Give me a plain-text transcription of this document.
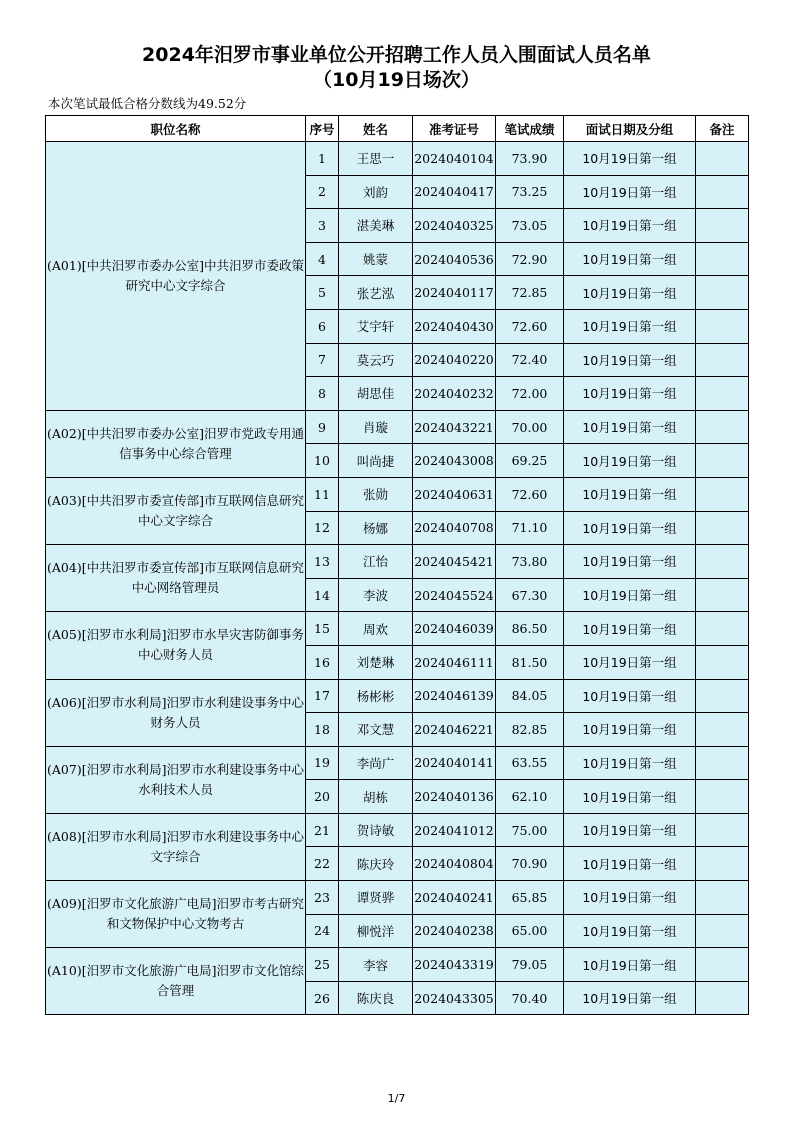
2024年汨罗市事业单位公开招聘工作人员入围面试人员名单
（10月19日场次）
本次笔试最低合格分数线为49.52分
职位名称	序号	姓名	准考证号	笔试成绩	面试日期及分组	备注
(A01)[中共汨罗市委办公室]中共汨罗市委政策研究中心文字综合	1	王思一	2024040104	73.90	10月19日第一组	
	2	刘韵	2024040417	73.25	10月19日第一组	
	3	湛美琳	2024040325	73.05	10月19日第一组	
	4	姚蒙	2024040536	72.90	10月19日第一组	
	5	张艺泓	2024040117	72.85	10月19日第一组	
	6	艾宇轩	2024040430	72.60	10月19日第一组	
	7	莫云巧	2024040220	72.40	10月19日第一组	
	8	胡思佳	2024040232	72.00	10月19日第一组	
(A02)[中共汨罗市委办公室]汨罗市党政专用通信事务中心综合管理	9	肖璇	2024043221	70.00	10月19日第一组	
	10	叫尚捷	2024043008	69.25	10月19日第一组	
(A03)[中共汨罗市委宣传部]市互联网信息研究中心文字综合	11	张勋	2024040631	72.60	10月19日第一组	
	12	杨娜	2024040708	71.10	10月19日第一组	
(A04)[中共汨罗市委宣传部]市互联网信息研究中心网络管理员	13	江怡	2024045421	73.80	10月19日第一组	
	14	李波	2024045524	67.30	10月19日第一组	
(A05)[汨罗市水利局]汨罗市水旱灾害防御事务中心财务人员	15	周欢	2024046039	86.50	10月19日第一组	
	16	刘楚琳	2024046111	81.50	10月19日第一组	
(A06)[汨罗市水利局]汨罗市水利建设事务中心财务人员	17	杨彬彬	2024046139	84.05	10月19日第一组	
	18	邓文慧	2024046221	82.85	10月19日第一组	
(A07)[汨罗市水利局]汨罗市水利建设事务中心水利技术人员	19	李尚广	2024040141	63.55	10月19日第一组	
	20	胡栋	2024040136	62.10	10月19日第一组	
(A08)[汨罗市水利局]汨罗市水利建设事务中心文字综合	21	贺诗敏	2024041012	75.00	10月19日第一组	
	22	陈庆玲	2024040804	70.90	10月19日第一组	
(A09)[汨罗市文化旅游广电局]汨罗市考古研究和文物保护中心文物考古	23	谭贤骅	2024040241	65.85	10月19日第一组	
	24	柳悦洋	2024040238	65.00	10月19日第一组	
(A10)[汨罗市文化旅游广电局]汨罗市文化馆综合管理	25	李容	2024043319	79.05	10月19日第一组	
	26	陈庆良	2024043305	70.40	10月19日第一组	
1/7
